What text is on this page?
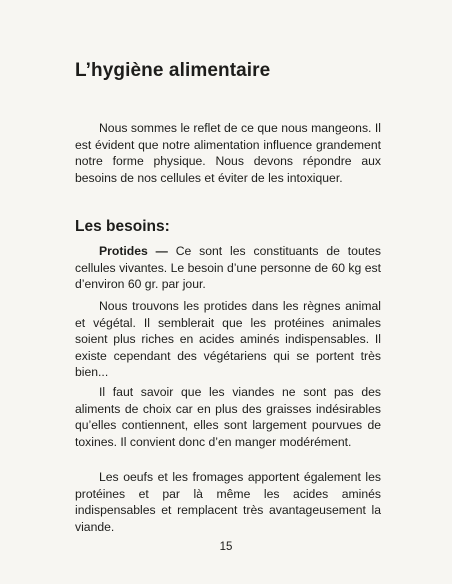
L’hygiène alimentaire

Nous sommes le reflet de ce que nous mangeons. Il est évident que notre alimentation influence grandement notre forme physique. Nous devons répondre aux besoins de nos cellules et éviter de les intoxiquer.

Les besoins:

Protides — Ce sont les constituants de toutes cellules vivantes. Le besoin d’une personne de 60 kg est d’environ 60 gr. par jour.

Nous trouvons les protides dans les règnes animal et végétal. Il semblerait que les protéines animales soient plus riches en acides aminés indispensables. Il existe cependant des végétariens qui se portent très bien...

Il faut savoir que les viandes ne sont pas des aliments de choix car en plus des graisses indésirables qu’elles contiennent, elles sont largement pourvues de toxines. Il convient donc d’en manger modérément.

Les oeufs et les fromages apportent également les protéines et par là même les acides aminés indispensables et remplacent très avantageusement la viande.

15
